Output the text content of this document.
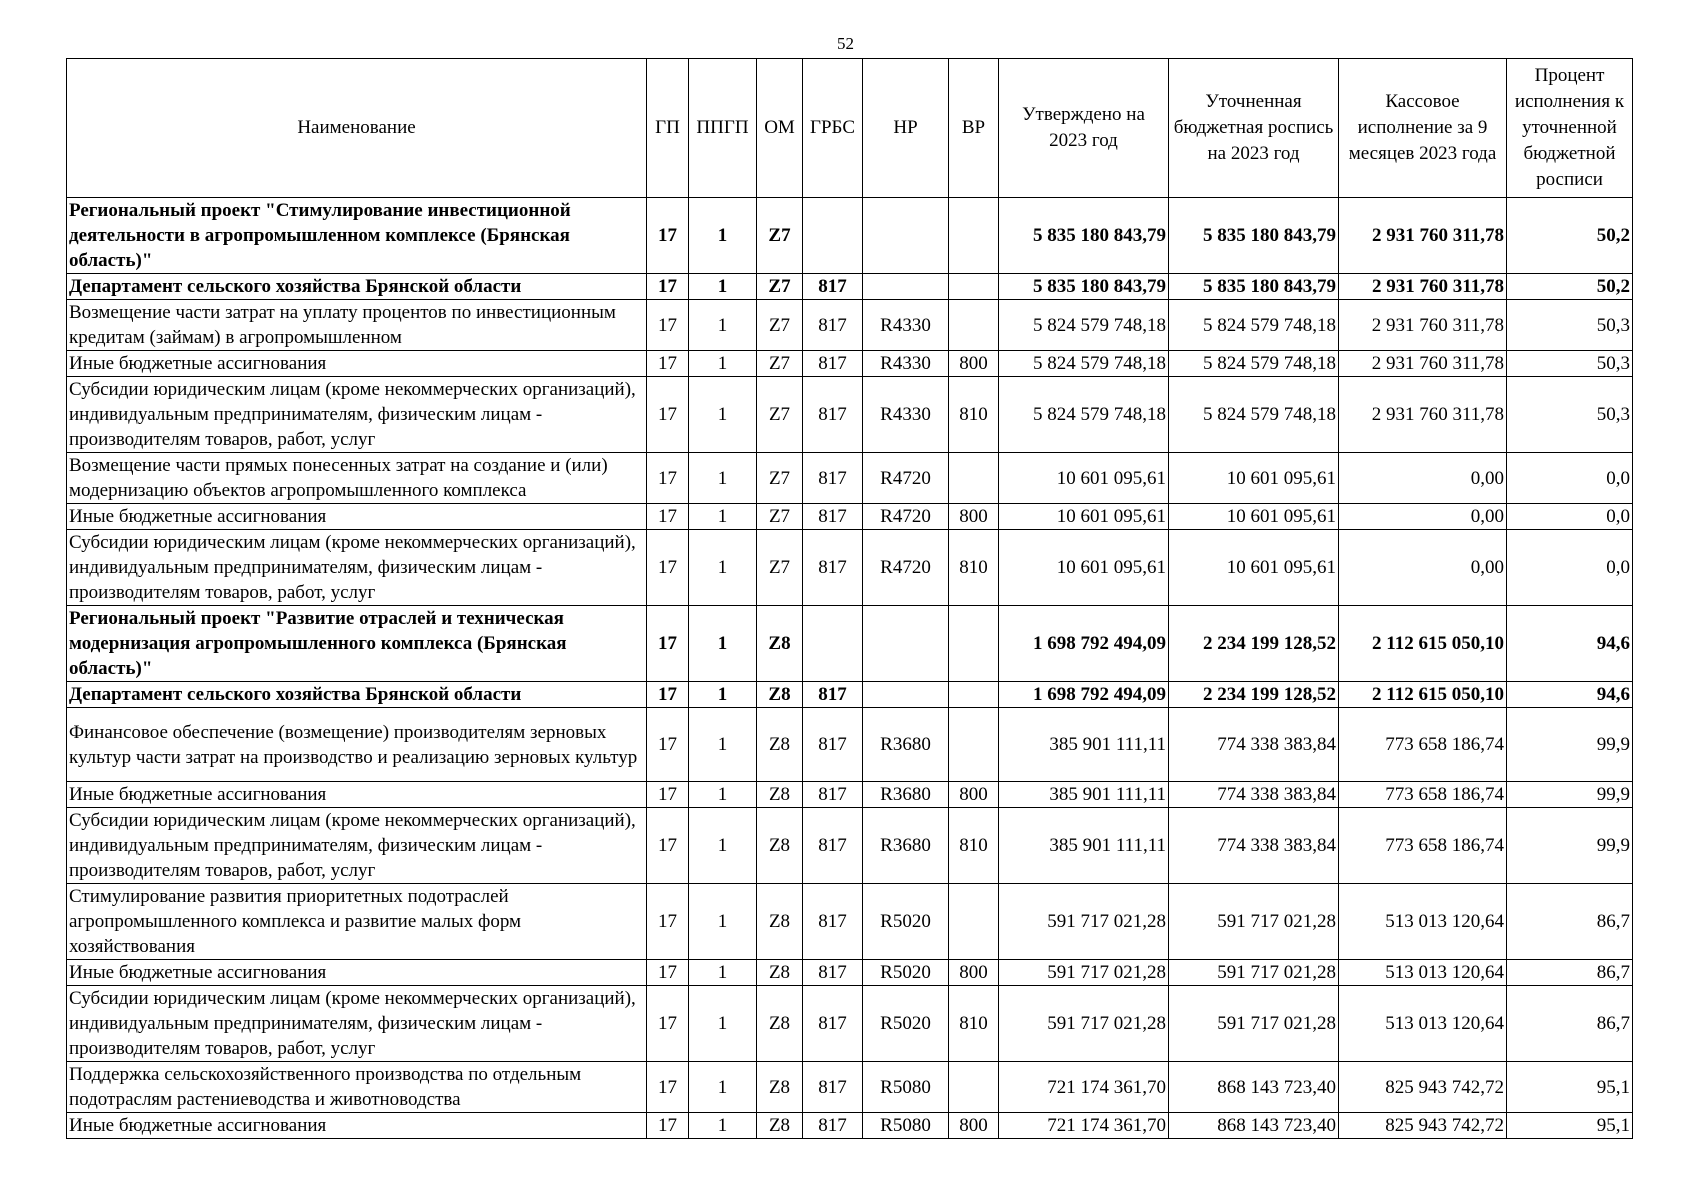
52
Наименование	ГП	ППГП	ОМ	ГРБС	НР	ВР	Утверждено на 2023 год	Уточненная бюджетная роспись на 2023 год	Кассовое исполнение за 9 месяцев 2023 года	Процент исполнения к уточненной бюджетной росписи
Региональный проект "Стимулирование инвестиционной деятельности в агропромышленном комплексе (Брянская область)"	17	1	Z7				5 835 180 843,79	5 835 180 843,79	2 931 760 311,78	50,2
Департамент сельского хозяйства Брянской области	17	1	Z7	817			5 835 180 843,79	5 835 180 843,79	2 931 760 311,78	50,2
Возмещение части затрат на уплату процентов по инвестиционным кредитам (займам) в агропромышленном	17	1	Z7	817	R4330		5 824 579 748,18	5 824 579 748,18	2 931 760 311,78	50,3
Иные бюджетные ассигнования	17	1	Z7	817	R4330	800	5 824 579 748,18	5 824 579 748,18	2 931 760 311,78	50,3
Субсидии юридическим лицам (кроме некоммерческих организаций), индивидуальным предпринимателям, физическим лицам - производителям товаров, работ, услуг	17	1	Z7	817	R4330	810	5 824 579 748,18	5 824 579 748,18	2 931 760 311,78	50,3
Возмещение части прямых понесенных затрат на создание и (или) модернизацию объектов агропромышленного комплекса	17	1	Z7	817	R4720		10 601 095,61	10 601 095,61	0,00	0,0
Иные бюджетные ассигнования	17	1	Z7	817	R4720	800	10 601 095,61	10 601 095,61	0,00	0,0
Субсидии юридическим лицам (кроме некоммерческих организаций), индивидуальным предпринимателям, физическим лицам - производителям товаров, работ, услуг	17	1	Z7	817	R4720	810	10 601 095,61	10 601 095,61	0,00	0,0
Региональный проект "Развитие отраслей и техническая модернизация агропромышленного комплекса (Брянская область)"	17	1	Z8				1 698 792 494,09	2 234 199 128,52	2 112 615 050,10	94,6
Департамент сельского хозяйства Брянской области	17	1	Z8	817			1 698 792 494,09	2 234 199 128,52	2 112 615 050,10	94,6
Финансовое обеспечение (возмещение) производителям зерновых культур части затрат на производство и реализацию зерновых культур	17	1	Z8	817	R3680		385 901 111,11	774 338 383,84	773 658 186,74	99,9
Иные бюджетные ассигнования	17	1	Z8	817	R3680	800	385 901 111,11	774 338 383,84	773 658 186,74	99,9
Субсидии юридическим лицам (кроме некоммерческих организаций), индивидуальным предпринимателям, физическим лицам - производителям товаров, работ, услуг	17	1	Z8	817	R3680	810	385 901 111,11	774 338 383,84	773 658 186,74	99,9
Стимулирование развития приоритетных подотраслей агропромышленного комплекса и развитие малых форм хозяйствования	17	1	Z8	817	R5020		591 717 021,28	591 717 021,28	513 013 120,64	86,7
Иные бюджетные ассигнования	17	1	Z8	817	R5020	800	591 717 021,28	591 717 021,28	513 013 120,64	86,7
Субсидии юридическим лицам (кроме некоммерческих организаций), индивидуальным предпринимателям, физическим лицам - производителям товаров, работ, услуг	17	1	Z8	817	R5020	810	591 717 021,28	591 717 021,28	513 013 120,64	86,7
Поддержка сельскохозяйственного производства по отдельным подотраслям растениеводства и животноводства	17	1	Z8	817	R5080		721 174 361,70	868 143 723,40	825 943 742,72	95,1
Иные бюджетные ассигнования	17	1	Z8	817	R5080	800	721 174 361,70	868 143 723,40	825 943 742,72	95,1
